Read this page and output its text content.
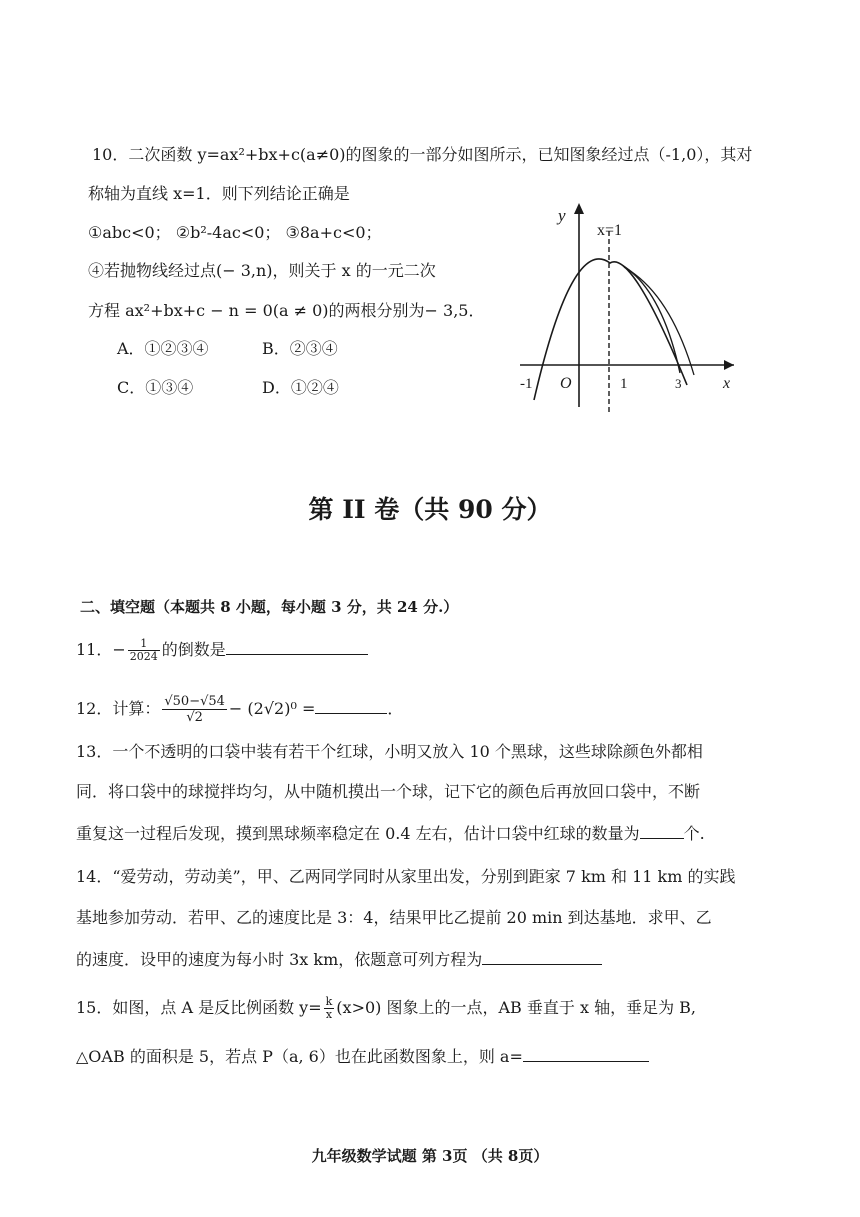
10．二次函数 y=ax²+bx+c(a≠0)的图象的一部分如图所示，已知图象经过点（-1,0），其对
称轴为直线 x=1．则下列结论正确是
①abc<0； ②b²-4ac<0； ③8a+c<0；
④若抛物线经过点(− 3,n)，则关于 x 的一元二次
方程 ax²+bx+c − n = 0(a ≠ 0)的两根分别为− 3,5．
A．①②③④	B．②③④
C．①③④	D．①②④
y
x=1
-1 O	1	3	x
第 II 卷（共 90 分）
二、填空题（本题共 8 小题，每小题 3 分，共 24 分.）
11．− $\frac{1}{2024}$ 的倒数是
12．计算： $\frac{√50-√54}{√2} - (2√2)^0$ =	．
13．一个不透明的口袋中装有若干个红球，小明又放入 10 个黑球，这些球除颜色外都相
同．将口袋中的球搅拌均匀，从中随机摸出一个球，记下它的颜色后再放回口袋中，不断
重复这一过程后发现，摸到黑球频率稳定在 0.4 左右，估计口袋中红球的数量为	个.
14．“爱劳动，劳动美”，甲、乙两同学同时从家里出发，分别到距家 7 km 和 11 km 的实践
基地参加劳动．若甲、乙的速度比是 3：4，结果甲比乙提前 20 min 到达基地．求甲、乙
的速度．设甲的速度为每小时 3x km，依题意可列方程为
15．如图，点 A 是反比例函数 $y= \frac{k}{x} (x>0)$ 图象上的一点，AB 垂直于 x 轴，垂足为 B,
△OAB 的面积是 5，若点 P（a, 6）也在此函数图象上，则 a=
九年级数学试题 第 3页 （共 8页）
